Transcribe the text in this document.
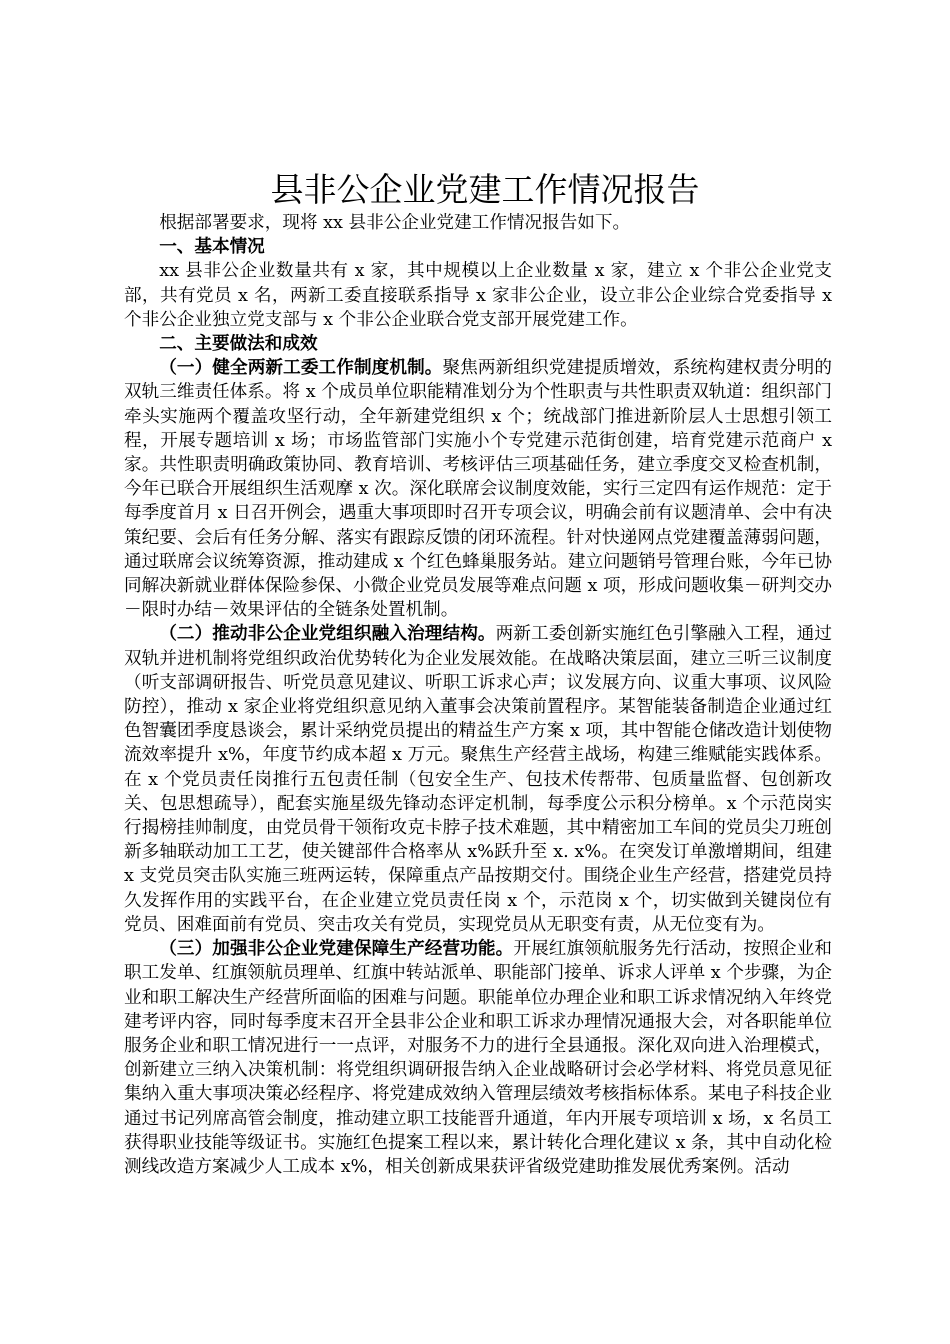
县非公企业党建工作情况报告

根据部署要求，现将 xx 县非公企业党建工作情况报告如下。

一、基本情况

xx 县非公企业数量共有 x 家，其中规模以上企业数量 x 家，建立 x 个非公企业党支部，共有党员 x 名，两新工委直接联系指导 x 家非公企业，设立非公企业综合党委指导 x 个非公企业独立党支部与 x 个非公企业联合党支部开展党建工作。

二、主要做法和成效

（一）健全两新工委工作制度机制。聚焦两新组织党建提质增效，系统构建权责分明的双轨三维责任体系。将 x 个成员单位职能精准划分为个性职责与共性职责双轨道：组织部门牵头实施两个覆盖攻坚行动，全年新建党组织 x 个；统战部门推进新阶层人士思想引领工程，开展专题培训 x 场；市场监管部门实施小个专党建示范街创建，培育党建示范商户 x 家。共性职责明确政策协同、教育培训、考核评估三项基础任务，建立季度交叉检查机制，今年已联合开展组织生活观摩 x 次。深化联席会议制度效能，实行三定四有运作规范：定于每季度首月 x 日召开例会，遇重大事项即时召开专项会议，明确会前有议题清单、会中有决策纪要、会后有任务分解、落实有跟踪反馈的闭环流程。针对快递网点党建覆盖薄弱问题，通过联席会议统筹资源，推动建成 x 个红色蜂巢服务站。建立问题销号管理台账，今年已协同解决新就业群体保险参保、小微企业党员发展等难点问题 x 项，形成问题收集－研判交办－限时办结－效果评估的全链条处置机制。

（二）推动非公企业党组织融入治理结构。两新工委创新实施红色引擎融入工程，通过双轨并进机制将党组织政治优势转化为企业发展效能。在战略决策层面，建立三听三议制度（听支部调研报告、听党员意见建议、听职工诉求心声；议发展方向、议重大事项、议风险防控），推动 x 家企业将党组织意见纳入董事会决策前置程序。某智能装备制造企业通过红色智囊团季度恳谈会，累计采纳党员提出的精益生产方案 x 项，其中智能仓储改造计划使物流效率提升 x%，年度节约成本超 x 万元。聚焦生产经营主战场，构建三维赋能实践体系。在 x 个党员责任岗推行五包责任制（包安全生产、包技术传帮带、包质量监督、包创新攻关、包思想疏导），配套实施星级先锋动态评定机制，每季度公示积分榜单。x 个示范岗实行揭榜挂帅制度，由党员骨干领衔攻克卡脖子技术难题，其中精密加工车间的党员尖刀班创新多轴联动加工工艺，使关键部件合格率从 x%跃升至 x. x%。在突发订单激增期间，组建 x 支党员突击队实施三班两运转，保障重点产品按期交付。围绕企业生产经营，搭建党员持久发挥作用的实践平台，在企业建立党员责任岗 x 个，示范岗 x 个，切实做到关键岗位有党员、困难面前有党员、突击攻关有党员，实现党员从无职变有责，从无位变有为。

（三）加强非公企业党建保障生产经营功能。开展红旗领航服务先行活动，按照企业和职工发单、红旗领航员理单、红旗中转站派单、职能部门接单、诉求人评单 x 个步骤，为企业和职工解决生产经营所面临的困难与问题。职能单位办理企业和职工诉求情况纳入年终党建考评内容，同时每季度末召开全县非公企业和职工诉求办理情况通报大会，对各职能单位服务企业和职工情况进行一一点评，对服务不力的进行全县通报。深化双向进入治理模式，创新建立三纳入决策机制：将党组织调研报告纳入企业战略研讨会必学材料、将党员意见征集纳入重大事项决策必经程序、将党建成效纳入管理层绩效考核指标体系。某电子科技企业通过书记列席高管会制度，推动建立职工技能晋升通道，年内开展专项培训 x 场，x 名员工获得职业技能等级证书。实施红色提案工程以来，累计转化合理化建议 x 条，其中自动化检测线改造方案减少人工成本 x%，相关创新成果获评省级党建助推发展优秀案例。活动
